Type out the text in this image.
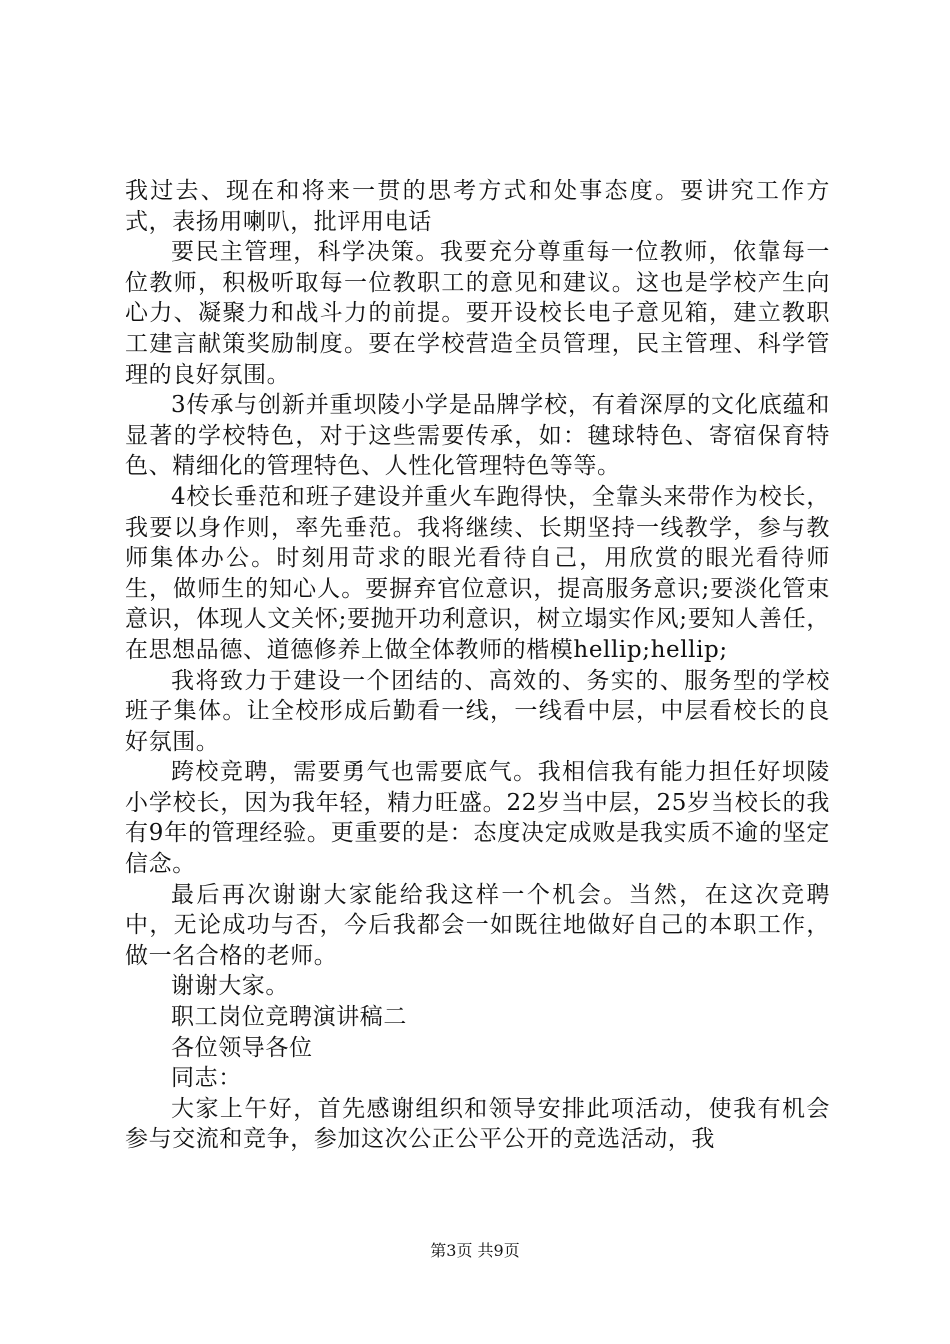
我过去、现在和将来一贯的思考方式和处事态度。要讲究工作方式，表扬用喇叭，批评用电话

要民主管理，科学决策。我要充分尊重每一位教师，依靠每一位教师，积极听取每一位教职工的意见和建议。这也是学校产生向心力、凝聚力和战斗力的前提。要开设校长电子意见箱，建立教职工建言献策奖励制度。要在学校营造全员管理，民主管理、科学管理的良好氛围。

3传承与创新并重坝陵小学是品牌学校，有着深厚的文化底蕴和显著的学校特色，对于这些需要传承，如：毽球特色、寄宿保育特色、精细化的管理特色、人性化管理特色等等。

4校长垂范和班子建设并重火车跑得快，全靠头来带作为校长，我要以身作则，率先垂范。我将继续、长期坚持一线教学，参与教师集体办公。时刻用苛求的眼光看待自己，用欣赏的眼光看待师生，做师生的知心人。要摒弃官位意识，提高服务意识;要淡化管束意识，体现人文关怀;要抛开功利意识，树立塌实作风;要知人善任，在思想品德、道德修养上做全体教师的楷模hellip;hellip;

我将致力于建设一个团结的、高效的、务实的、服务型的学校班子集体。让全校形成后勤看一线，一线看中层，中层看校长的良好氛围。

跨校竞聘，需要勇气也需要底气。我相信我有能力担任好坝陵小学校长，因为我年轻，精力旺盛。22岁当中层，25岁当校长的我有9年的管理经验。更重要的是：态度决定成败是我实质不逾的坚定信念。

最后再次谢谢大家能给我这样一个机会。当然，在这次竞聘中，无论成功与否，今后我都会一如既往地做好自己的本职工作，做一名合格的老师。

谢谢大家。

职工岗位竞聘演讲稿二

各位领导各位

同志：

大家上午好，首先感谢组织和领导安排此项活动，使我有机会参与交流和竞争，参加这次公正公平公开的竞选活动，我

第3页 共9页
